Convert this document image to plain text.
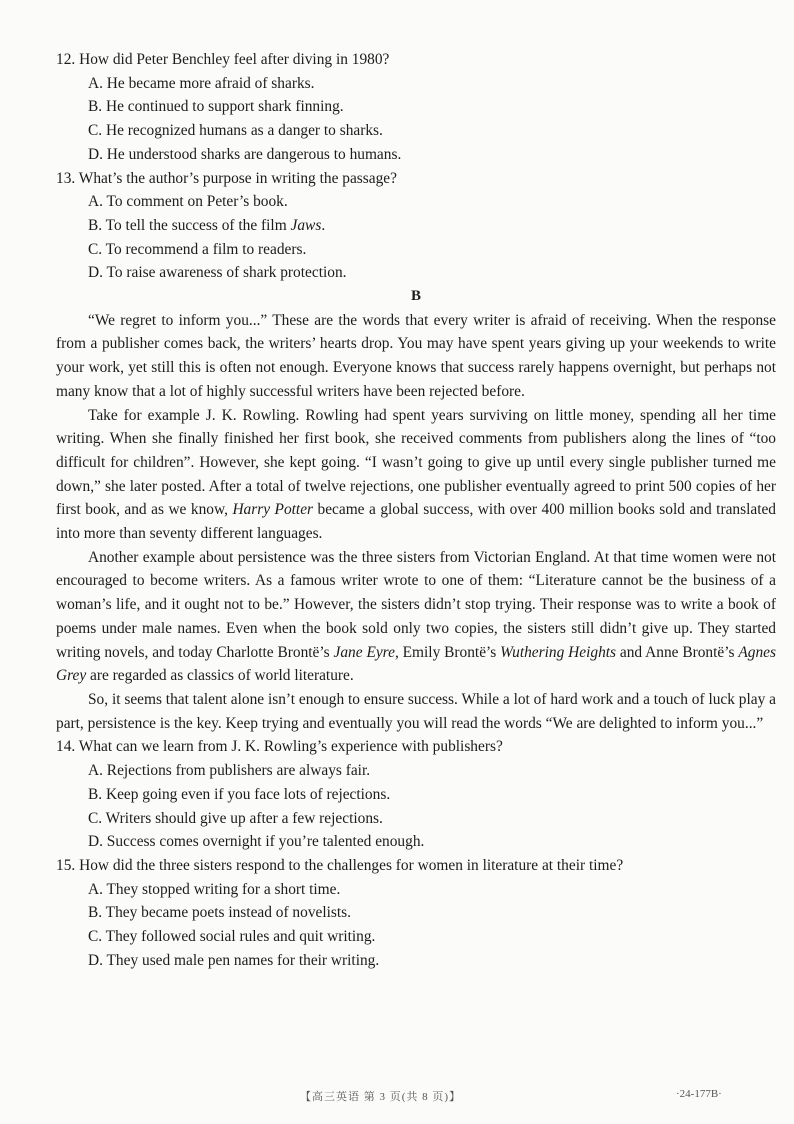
12. How did Peter Benchley feel after diving in 1980?
A. He became more afraid of sharks.
B. He continued to support shark finning.
C. He recognized humans as a danger to sharks.
D. He understood sharks are dangerous to humans.
13. What’s the author’s purpose in writing the passage?
A. To comment on Peter’s book.
B. To tell the success of the film Jaws.
C. To recommend a film to readers.
D. To raise awareness of shark protection.
B

“We regret to inform you...” These are the words that every writer is afraid of receiving. When the response from a publisher comes back, the writers’ hearts drop. You may have spent years giving up your weekends to write your work, yet still this is often not enough. Everyone knows that success rarely happens overnight, but perhaps not many know that a lot of highly successful writers have been rejected before.

Take for example J. K. Rowling. Rowling had spent years surviving on little money, spending all her time writing. When she finally finished her first book, she received comments from publishers along the lines of “too difficult for children”. However, she kept going. “I wasn’t going to give up until every single publisher turned me down,” she later posted. After a total of twelve rejections, one publisher eventually agreed to print 500 copies of her first book, and as we know, Harry Potter became a global success, with over 400 million books sold and translated into more than seventy different languages.

Another example about persistence was the three sisters from Victorian England. At that time women were not encouraged to become writers. As a famous writer wrote to one of them: “Literature cannot be the business of a woman’s life, and it ought not to be.” However, the sisters didn’t stop trying. Their response was to write a book of poems under male names. Even when the book sold only two copies, the sisters still didn’t give up. They started writing novels, and today Charlotte Brontë’s Jane Eyre, Emily Brontë’s Wuthering Heights and Anne Brontë’s Agnes Grey are regarded as classics of world literature.

So, it seems that talent alone isn’t enough to ensure success. While a lot of hard work and a touch of luck play a part, persistence is the key. Keep trying and eventually you will read the words “We are delighted to inform you...”

14. What can we learn from J. K. Rowling’s experience with publishers?
A. Rejections from publishers are always fair.
B. Keep going even if you face lots of rejections.
C. Writers should give up after a few rejections.
D. Success comes overnight if you’re talented enough.
15. How did the three sisters respond to the challenges for women in literature at their time?
A. They stopped writing for a short time.
B. They became poets instead of novelists.
C. They followed social rules and quit writing.
D. They used male pen names for their writing.
【高三英语 第 3 页(共 8 页)】	·24-177B·
